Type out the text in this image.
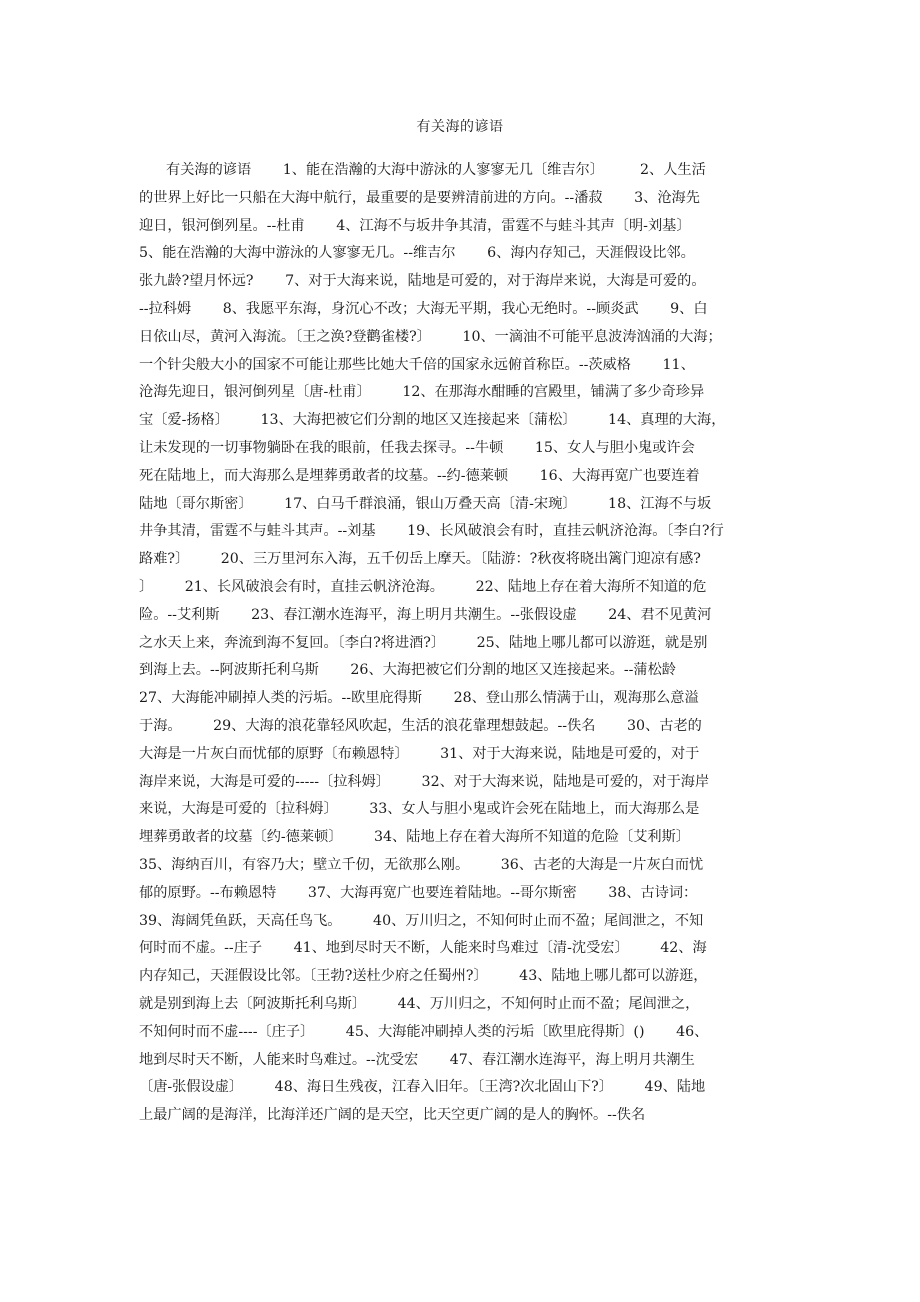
有关海的谚语
有关海的谚语       1、能在浩瀚的大海中游泳的人寥寥无几〔维吉尔〕        2、人生活
的世界上好比一只船在大海中航行，最重要的是要辨清前进的方向。--潘菽       3、沧海先
迎日，银河倒列星。--杜甫       4、江海不与坂井争其清，雷霆不与蛙斗其声〔明-刘基〕
5、能在浩瀚的大海中游泳的人寥寥无几。--维吉尔       6、海内存知己，天涯假设比邻。
张九龄?望月怀远?       7、对于大海来说，陆地是可爱的，对于海岸来说，大海是可爱的。
--拉科姆       8、我愿平东海，身沉心不改；大海无平期，我心无绝时。--顾炎武       9、白
日依山尽，黄河入海流。〔王之涣?登鹳雀楼?〕       10、一滴油不可能平息波涛汹涌的大海；
一个针尖般大小的国家不可能让那些比她大千倍的国家永远俯首称臣。--茨威格       11、
沧海先迎日，银河倒列星〔唐-杜甫〕       12、在那海水酣睡的宫殿里，铺满了多少奇珍异
宝〔爱-扬格〕       13、大海把被它们分割的地区又连接起来〔蒲松〕       14、真理的大海，
让未发现的一切事物躺卧在我的眼前，任我去探寻。--牛顿       15、女人与胆小鬼或许会
死在陆地上，而大海那么是埋葬勇敢者的坟墓。--约-德莱顿       16、大海再宽广也要连着
陆地〔哥尔斯密〕       17、白马千群浪涌，银山万叠天高〔清-宋琬〕       18、江海不与坂
井争其清，雷霆不与蛙斗其声。--刘基       19、长风破浪会有时，直挂云帆济沧海。〔李白?行
路难?〕       20、三万里河东入海，五千仞岳上摩天。〔陆游：?秋夜将晓出篱门迎凉有感?
〕       21、长风破浪会有时，直挂云帆济沧海。       22、陆地上存在着大海所不知道的危
险。--艾利斯       23、春江潮水连海平，海上明月共潮生。--张假设虚       24、君不见黄河
之水天上来，奔流到海不复回。〔李白?将进酒?〕       25、陆地上哪儿都可以游逛，就是别
到海上去。--阿波斯托利乌斯       26、大海把被它们分割的地区又连接起来。--蒲松龄
27、大海能冲刷掉人类的污垢。--欧里庇得斯       28、登山那么情满于山，观海那么意溢
于海。       29、大海的浪花靠轻风吹起，生活的浪花靠理想鼓起。--佚名       30、古老的
大海是一片灰白而忧郁的原野〔布赖恩特〕       31、对于大海来说，陆地是可爱的，对于
海岸来说，大海是可爱的-----〔拉科姆〕       32、对于大海来说，陆地是可爱的，对于海岸
来说，大海是可爱的〔拉科姆〕       33、女人与胆小鬼或许会死在陆地上，而大海那么是
埋葬勇敢者的坟墓〔约-德莱顿〕       34、陆地上存在着大海所不知道的危险〔艾利斯〕
35、海纳百川，有容乃大；壁立千仞，无欲那么刚。       36、古老的大海是一片灰白而忧
郁的原野。--布赖恩特       37、大海再宽广也要连着陆地。--哥尔斯密       38、古诗词：
39、海阔凭鱼跃，天高任鸟飞。       40、万川归之，不知何时止而不盈；尾闾泄之，不知
何时而不虚。--庄子       41、地到尽时天不断，人能来时鸟难过〔清-沈受宏〕       42、海
内存知己，天涯假设比邻。〔王勃?送杜少府之任蜀州?〕       43、陆地上哪儿都可以游逛，
就是别到海上去〔阿波斯托利乌斯〕       44、万川归之，不知何时止而不盈；尾闾泄之，
不知何时而不虚----〔庄子〕       45、大海能冲刷掉人类的污垢〔欧里庇得斯〕()       46、
地到尽时天不断，人能来时鸟难过。--沈受宏       47、春江潮水连海平，海上明月共潮生
〔唐-张假设虚〕       48、海日生残夜，江春入旧年。〔王湾?次北固山下?〕       49、陆地
上最广阔的是海洋，比海洋还广阔的是天空，比天空更广阔的是人的胸怀。--佚名
